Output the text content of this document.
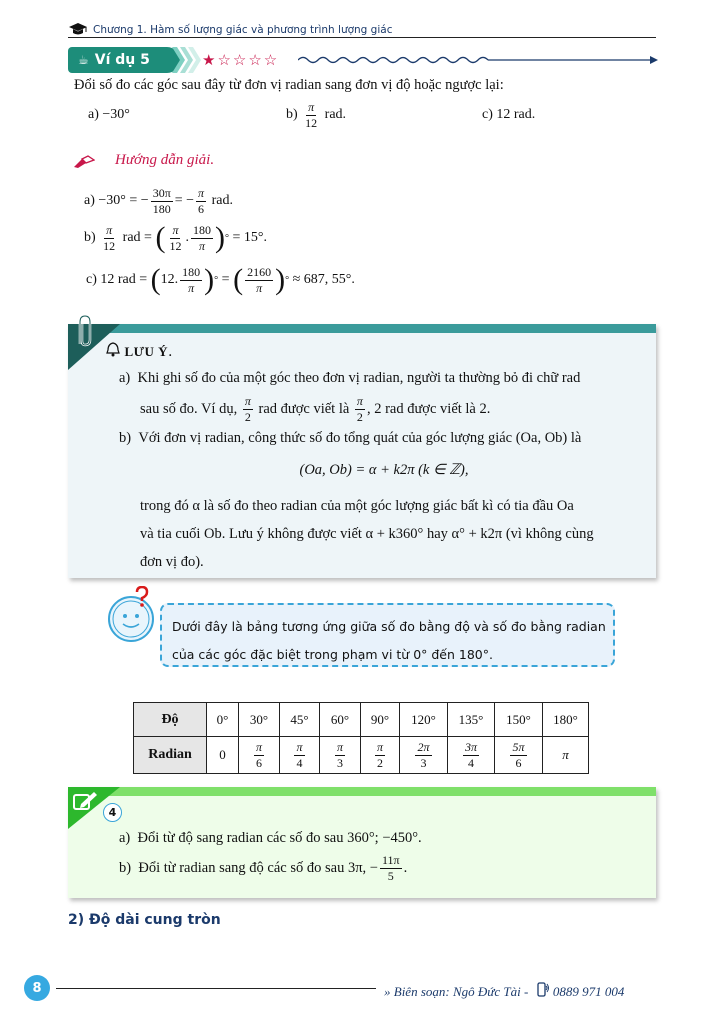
Chương 1. Hàm số lượng giác và phương trình lượng giác
☕ Ví dụ 5	★☆☆☆☆
Đổi số đo các góc sau đây từ đơn vị radian sang đơn vị độ hoặc ngược lại:
a)
−30°	b)
$\frac{\pi}{12}$
rad.	c)
12 rad.
Hướng dẫn giải.
a)
−30° = − $\frac{30\pi}{180}$ = − $\frac{\pi}{6}$
rad.
b)
$\frac{\pi}{12}$
rad =
( $\frac{\pi}{12}$ . $\frac{180}{\pi}$ ) °
= 15°.
c)
12 rad =
( 12. $\frac{180}{\pi}$ ) °
=
( $\frac{2160}{\pi}$ ) °
≈ 687, 55°.

LƯU Ý .
a)
Khi ghi số đo của một góc theo đơn vị radian, người ta thường bỏ đi chữ rad
sau số đo. Ví dụ,
$\frac{\pi}{2}$
rad được viết là
$\frac{\pi}{2}$ , 2 rad được viết là 2.
b)
Với đơn vị radian, công thức số đo tổng quát của góc lượng giác (Oa, Ob) là
(Oa, Ob) = α + k2π (k ∈ ℤ),
trong đó α là số đo theo radian của một góc lượng giác bất kì có tia đầu Oa
và tia cuối Ob. Lưu ý không được viết α + k360° hay α° + k2π (vì không cùng
đơn vị đo).
Dưới đây là bảng tương ứng giữa số đo bằng độ và số đo bằng radian
của các góc đặc biệt trong phạm vi từ 0° đến 180°.
Độ	0°	30°	45°	60°	90°	120°	135°	150°	180°
Radian	0	$\frac{\pi}{6}$	$\frac{\pi}{4}$	$\frac{\pi}{3}$	$\frac{\pi}{2}$	$\frac{2\pi}{3}$	$\frac{3\pi}{4}$	$\frac{5\pi}{6}$	π
4
a)
Đổi từ độ sang radian các số đo sau 360°; −450°.
b)
Đổi từ radian sang độ các số đo sau 3π, − $\frac{11\pi}{5}$ .
2) Độ dài cung tròn
8	» Biên soạn: Ngô Đức Tài -

0889 971 004
